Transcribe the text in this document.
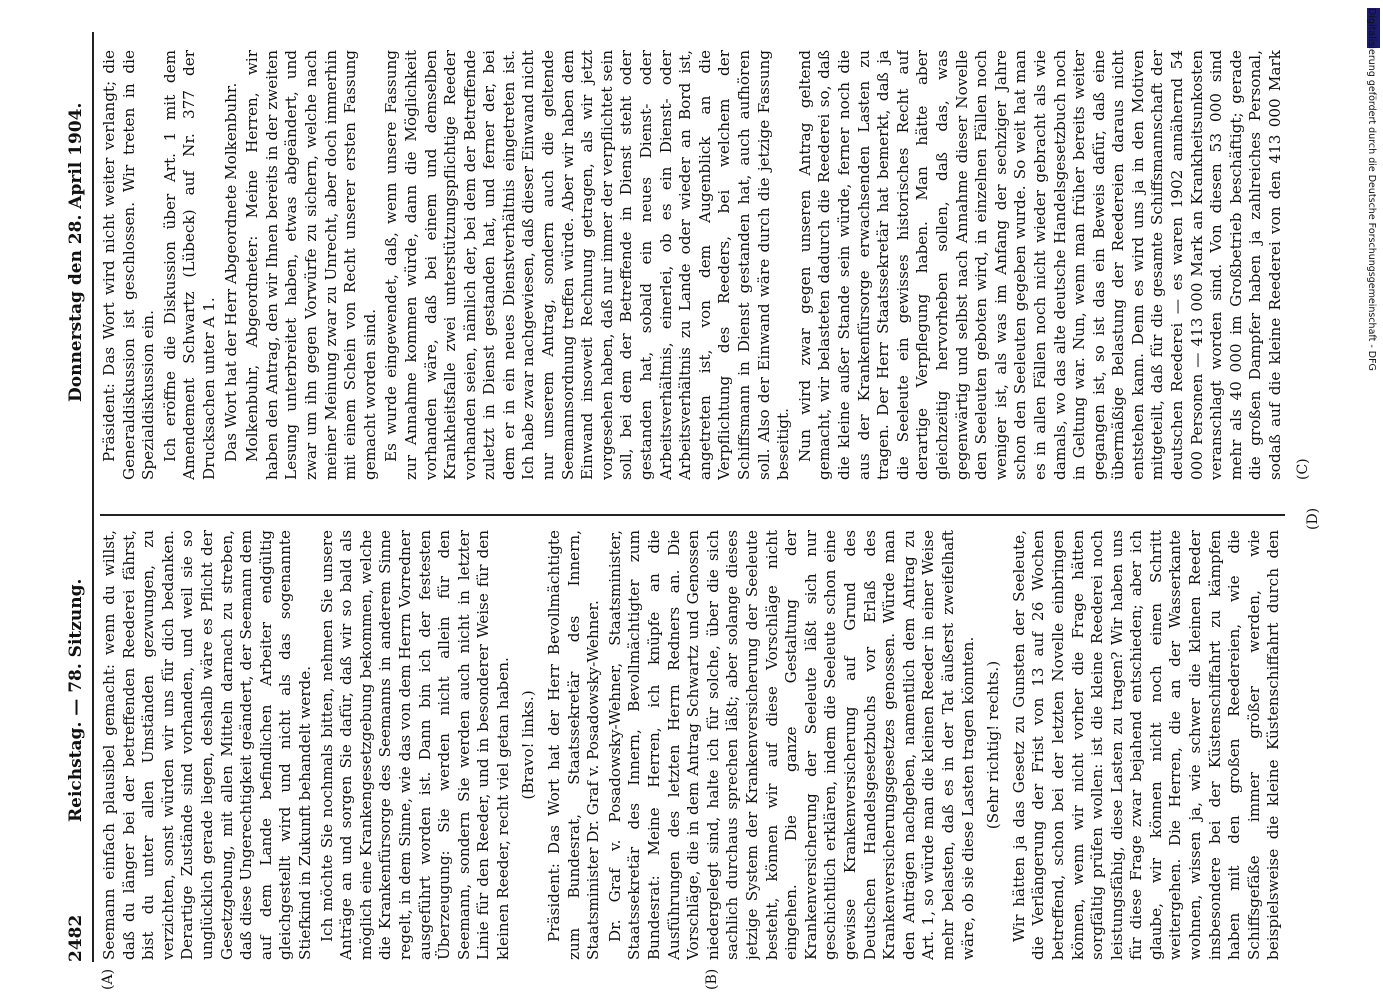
2482
Reichstag. — 78. Sitzung.
Donnerstag den 28. April 1904.
(A)	(B)

Seemann einfach plausibel gemacht: wenn du willst, daß du länger bei der betreffenden Reederei fährst, bist du unter allen Umständen gezwungen, zu verzichten, sonst würden wir uns für dich bedanken. Derartige Zustände sind vorhanden, und weil sie so unglücklich gerade liegen, deshalb wäre es Pflicht der Gesetzgebung, mit allen Mitteln darnach zu streben, daß diese Ungerechtigkeit geändert, der Seemann dem auf dem Lande befindlichen Arbeiter endgültig gleichgestellt wird und nicht als das sogenannte Stiefkind in Zukunft behandelt werde. Ich möchte Sie nochmals bitten, nehmen Sie unsere Anträge an und sorgen Sie dafür, daß wir so bald als möglich eine Krankengesetzgebung bekommen, welche die Krankenfürsorge des Seemanns in anderem Sinne regelt, in dem Sinne, wie das von dem Herrn Vorredner ausgeführt worden ist. Dann bin ich der festesten Überzeugung: Sie werden nicht allein für den Seemann, sondern Sie werden auch nicht in letzter Linie für den Reeder, und in besonderer Weise für den kleinen Reeder, recht viel getan haben. (Bravo! links.) Präsident: Das Wort hat der Herr Bevollmächtigte zum Bundesrat, Staatssekretär des Innern, Staatsminister Dr. Graf v. Posadowsky-Wehner. Dr. Graf v. Posadowsky-Wehner, Staatsminister, Staatssekretär des Innern, Bevollmächtigter zum Bundesrat: Meine Herren, ich knüpfe an die Ausführungen des letzten Herrn Redners an. Die Vorschläge, die in dem Antrag Schwartz und Genossen niedergelegt sind, halte ich für solche, über die sich sachlich durchaus sprechen läßt; aber solange dieses jetzige System der Krankenversicherung der Seeleute besteht, können wir auf diese Vorschläge nicht eingehen. Die ganze Gestaltung der Krankenversicherung der Seeleute läßt sich nur geschichtlich erklären, indem die Seeleute schon eine gewisse Krankenversicherung auf Grund des Deutschen Handelsgesetzbuchs vor Erlaß des Krankenversicherungsgesetzes genossen. Würde man den Anträgen nachgeben, namentlich dem Antrag zu Art. 1, so würde man die kleinen Reeder in einer Weise mehr belasten, daß es in der Tat äußerst zweifelhaft wäre, ob sie diese Lasten tragen könnten. (Sehr richtig! rechts.)

Wir hätten ja das Gesetz zu Gunsten der Seeleute, die Verlängerung der Frist von 13 auf 26 Wochen betreffend, schon bei der letzten Novelle einbringen können, wenn wir nicht vorher die Frage hätten sorgfältig prüfen wollen: ist die kleine Reederei noch leistungsfähig, diese Lasten zu tragen? Wir haben uns für diese Frage zwar bejahend entschieden; aber ich glaube, wir können nicht noch einen Schritt weitergehen. Die Herren, die an der Wasserkante wohnen, wissen ja, wie schwer die kleinen Reeder insbesondere bei der Küstenschiffahrt zu kämpfen haben mit den großen Reedereien, wie die Schiffsgefäße immer größer werden, wie beispielsweise die kleine Küstenschiffahrt durch den

Präsident: Das Wort wird nicht weiter verlangt; die Generaldiskussion ist geschlossen. Wir treten in die Spezialdiskussion ein. Ich eröffne die Diskussion über Art. 1 mit dem Amendement Schwartz (Lübeck) auf Nr. 377 der Drucksachen unter A 1. Das Wort hat der Herr Abgeordnete Molkenbuhr. Molkenbuhr, Abgeordneter: Meine Herren, wir haben den Antrag, den wir Ihnen bereits in der zweiten Lesung unterbreitet haben, etwas abgeändert, und zwar um ihn gegen Vorwürfe zu sichern, welche nach meiner Meinung zwar zu Unrecht, aber doch immerhin mit einem Schein von Recht unserer ersten Fassung gemacht worden sind. Es wurde eingewendet, daß, wenn unsere Fassung zur Annahme kommen würde, dann die Möglichkeit vorhanden wäre, daß bei einem und demselben Krankheitsfalle zwei unterstützungspflichtige Reeder vorhanden seien, nämlich der, bei dem der Betreffende zuletzt in Dienst gestanden hat, und ferner der, bei dem er in ein neues Dienstverhältnis eingetreten ist. Ich habe zwar nachgewiesen, daß dieser Einwand nicht nur unserem Antrag, sondern auch die geltende Seemannsordnung treffen würde. Aber wir haben dem Einwand insoweit Rechnung getragen, als wir jetzt vorgesehen haben, daß nur immer der verpflichtet sein soll, bei dem der Betreffende in Dienst steht oder gestanden hat, sobald ein neues Dienst- oder Arbeitsverhältnis, einerlei, ob es ein Dienst- oder Arbeitsverhältnis zu Lande oder wieder an Bord ist, angetreten ist, von dem Augenblick an die Verpflichtung des Reeders, bei welchem der Schiffsmann in Dienst gestanden hat, auch aufhören soll. Also der Einwand wäre durch die jetzige Fassung beseitigt. Nun wird zwar gegen unseren Antrag geltend gemacht, wir belasteten dadurch die Reederei so, daß die kleine außer Stande sein würde, ferner noch die aus der Krankenfürsorge erwachsenden Lasten zu tragen. Der Herr Staatssekretär hat bemerkt, daß ja die Seeleute ein gewisses historisches Recht auf derartige Verpflegung haben. Man hätte aber gleichzeitig hervorheben sollen, daß das, was gegenwärtig und selbst nach Annahme dieser Novelle den Seeleuten geboten wird, in einzelnen Fällen noch weniger ist, als was im Anfang der sechziger Jahre schon den Seeleuten gegeben wurde. So weit hat man es in allen Fällen noch nicht wieder gebracht als wie damals, wo das alte deutsche Handelsgesetzbuch noch in Geltung war. Nun, wenn man früher bereits weiter gegangen ist, so ist das ein Beweis dafür, daß eine übermäßige Belastung der Reedereien daraus nicht entstehen kann. Denn es wird uns ja in den Motiven mitgeteilt, daß für die gesamte Schiffsmannschaft der deutschen Reederei — es waren 1902 annähernd 54 000 Personen — 413 000 Mark an Krankheitsunkosten veranschlagt worden sind. Von diesen 53 000 sind mehr als 40 000 im Großbetrieb beschäftigt; gerade die großen Dampfer haben ja zahlreiches Personal, sodaß auf die kleine Reederei von den 413 000 Mark

(C)
(D)
Digitalisierung gefördert durch die Deutsche Forschungsgemeinschaft - DFG
